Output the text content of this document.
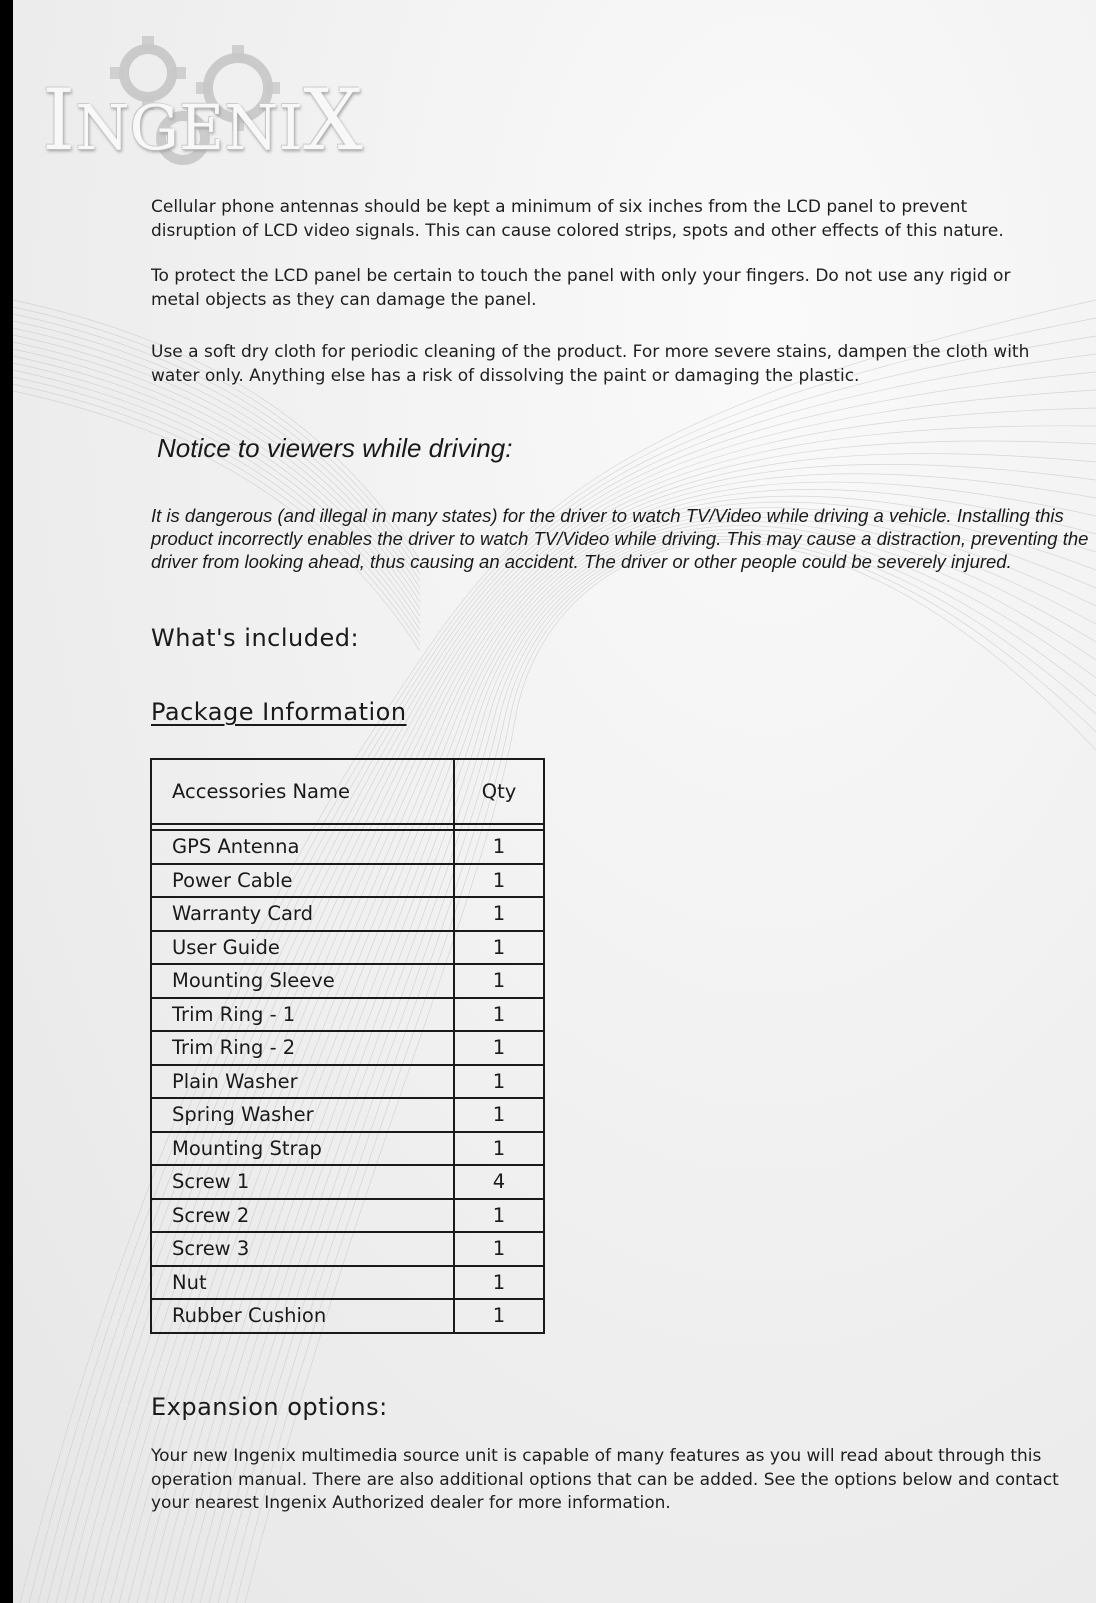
INGENIX

Cellular phone antennas should be kept a minimum of six inches from the LCD panel to prevent disruption of LCD video signals. This can cause colored strips, spots and other effects of this nature.

To protect the LCD panel be certain to touch the panel with only your fingers. Do not use any rigid or metal objects as they can damage the panel.

Use a soft dry cloth for periodic cleaning of the product. For more severe stains, dampen the cloth with water only. Anything else has a risk of dissolving the paint or damaging the plastic.

Notice to viewers while driving:

It is dangerous (and illegal in many states) for the driver to watch TV/Video while driving a vehicle. Installing this product incorrectly enables the driver to watch TV/Video while driving. This may cause a distraction, preventing the driver from looking ahead, thus causing an accident. The driver or other people could be severely injured.

What's included:
Package Information
Accessories Name	Qty

GPS Antenna	1
Power Cable	1
Warranty Card	1
User Guide	1
Mounting Sleeve	1
Trim Ring - 1	1
Trim Ring - 2	1
Plain Washer	1
Spring Washer	1
Mounting Strap	1
Screw 1	4
Screw 2	1
Screw 3	1
Nut	1
Rubber Cushion	1
Expansion options:

Your new Ingenix multimedia source unit is capable of many features as you will read about through this operation manual. There are also additional options that can be added. See the options below and contact your nearest Ingenix Authorized dealer for more information.
